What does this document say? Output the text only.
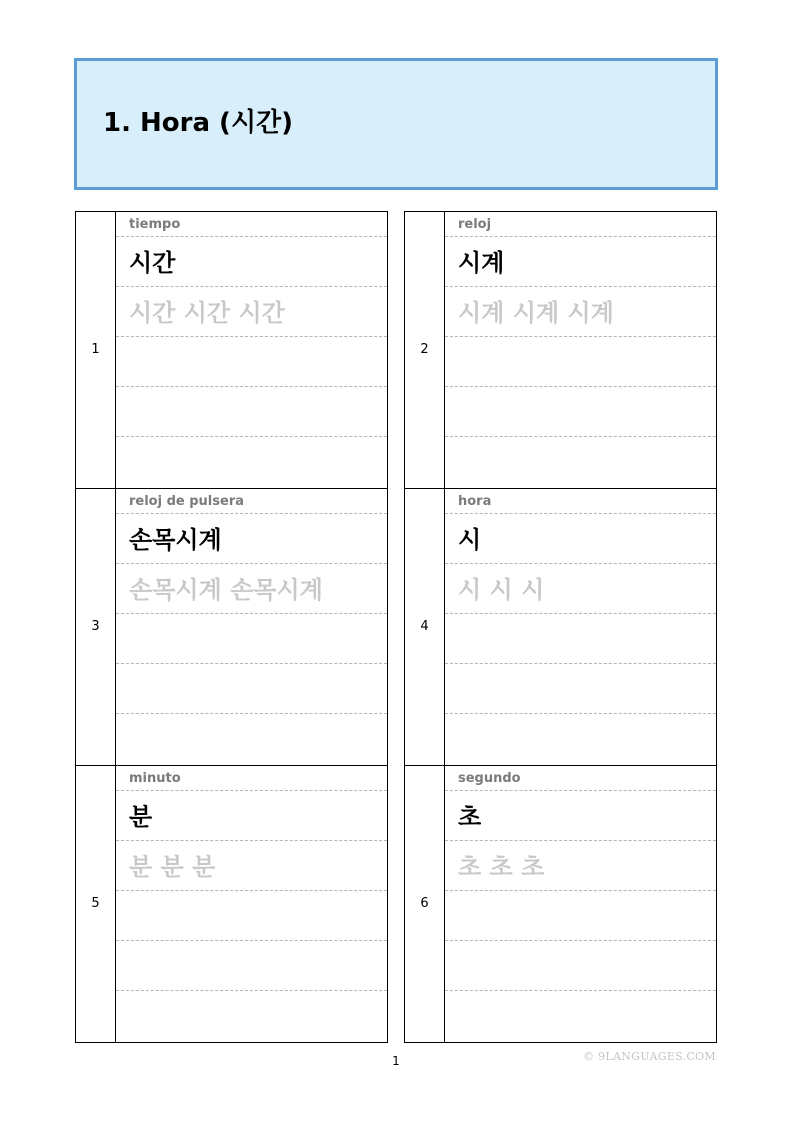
1. Hora (시간)
1
tiempo
시간
시간 시간 시간
2
reloj
시계
시계 시계 시계
3
reloj de pulsera
손목시계
손목시계 손목시계
4
hora
시
시 시 시
5
minuto
분
분 분 분
6
segundo
초
초 초 초
1	© 9LANGUAGES.COM
